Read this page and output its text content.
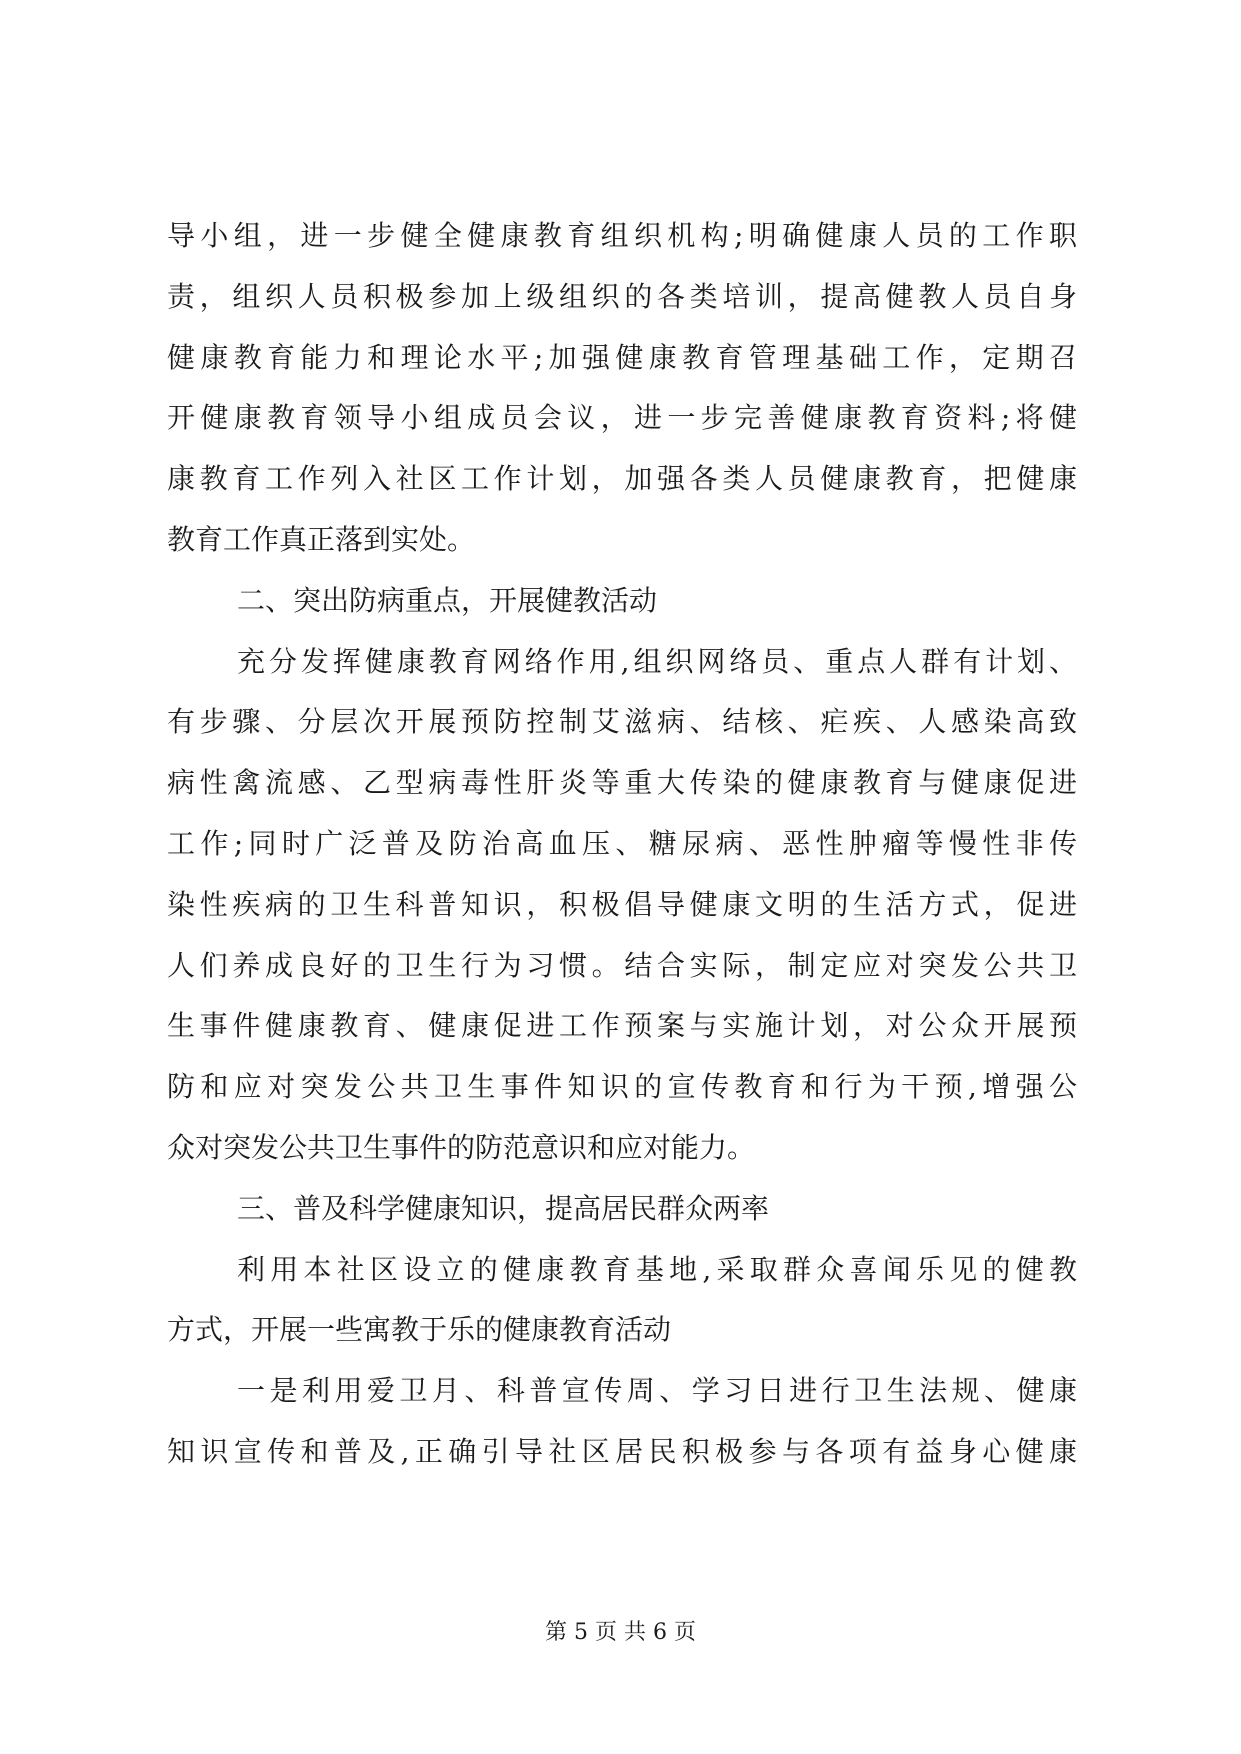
导小组，进一步健全健康教育组织机构;明确健康人员的工作职
责，组织人员积极参加上级组织的各类培训，提高健教人员自身
健康教育能力和理论水平;加强健康教育管理基础工作，定期召
开健康教育领导小组成员会议，进一步完善健康教育资料;将健
康教育工作列入社区工作计划，加强各类人员健康教育，把健康
教育工作真正落到实处。
二、突出防病重点，开展健教活动
充分发挥健康教育网络作用,组织网络员、重点人群有计划、
有步骤、分层次开展预防控制艾滋病、结核、疟疾、人感染高致
病性禽流感、乙型病毒性肝炎等重大传染的健康教育与健康促进
工作;同时广泛普及防治高血压、糖尿病、恶性肿瘤等慢性非传
染性疾病的卫生科普知识，积极倡导健康文明的生活方式，促进
人们养成良好的卫生行为习惯。结合实际，制定应对突发公共卫
生事件健康教育、健康促进工作预案与实施计划，对公众开展预
防和应对突发公共卫生事件知识的宣传教育和行为干预,增强公
众对突发公共卫生事件的防范意识和应对能力。
三、普及科学健康知识，提高居民群众两率
利用本社区设立的健康教育基地,采取群众喜闻乐见的健教
方式，开展一些寓教于乐的健康教育活动
一是利用爱卫月、科普宣传周、学习日进行卫生法规、健康
知识宣传和普及,正确引导社区居民积极参与各项有益身心健康
第 5 页 共 6 页
